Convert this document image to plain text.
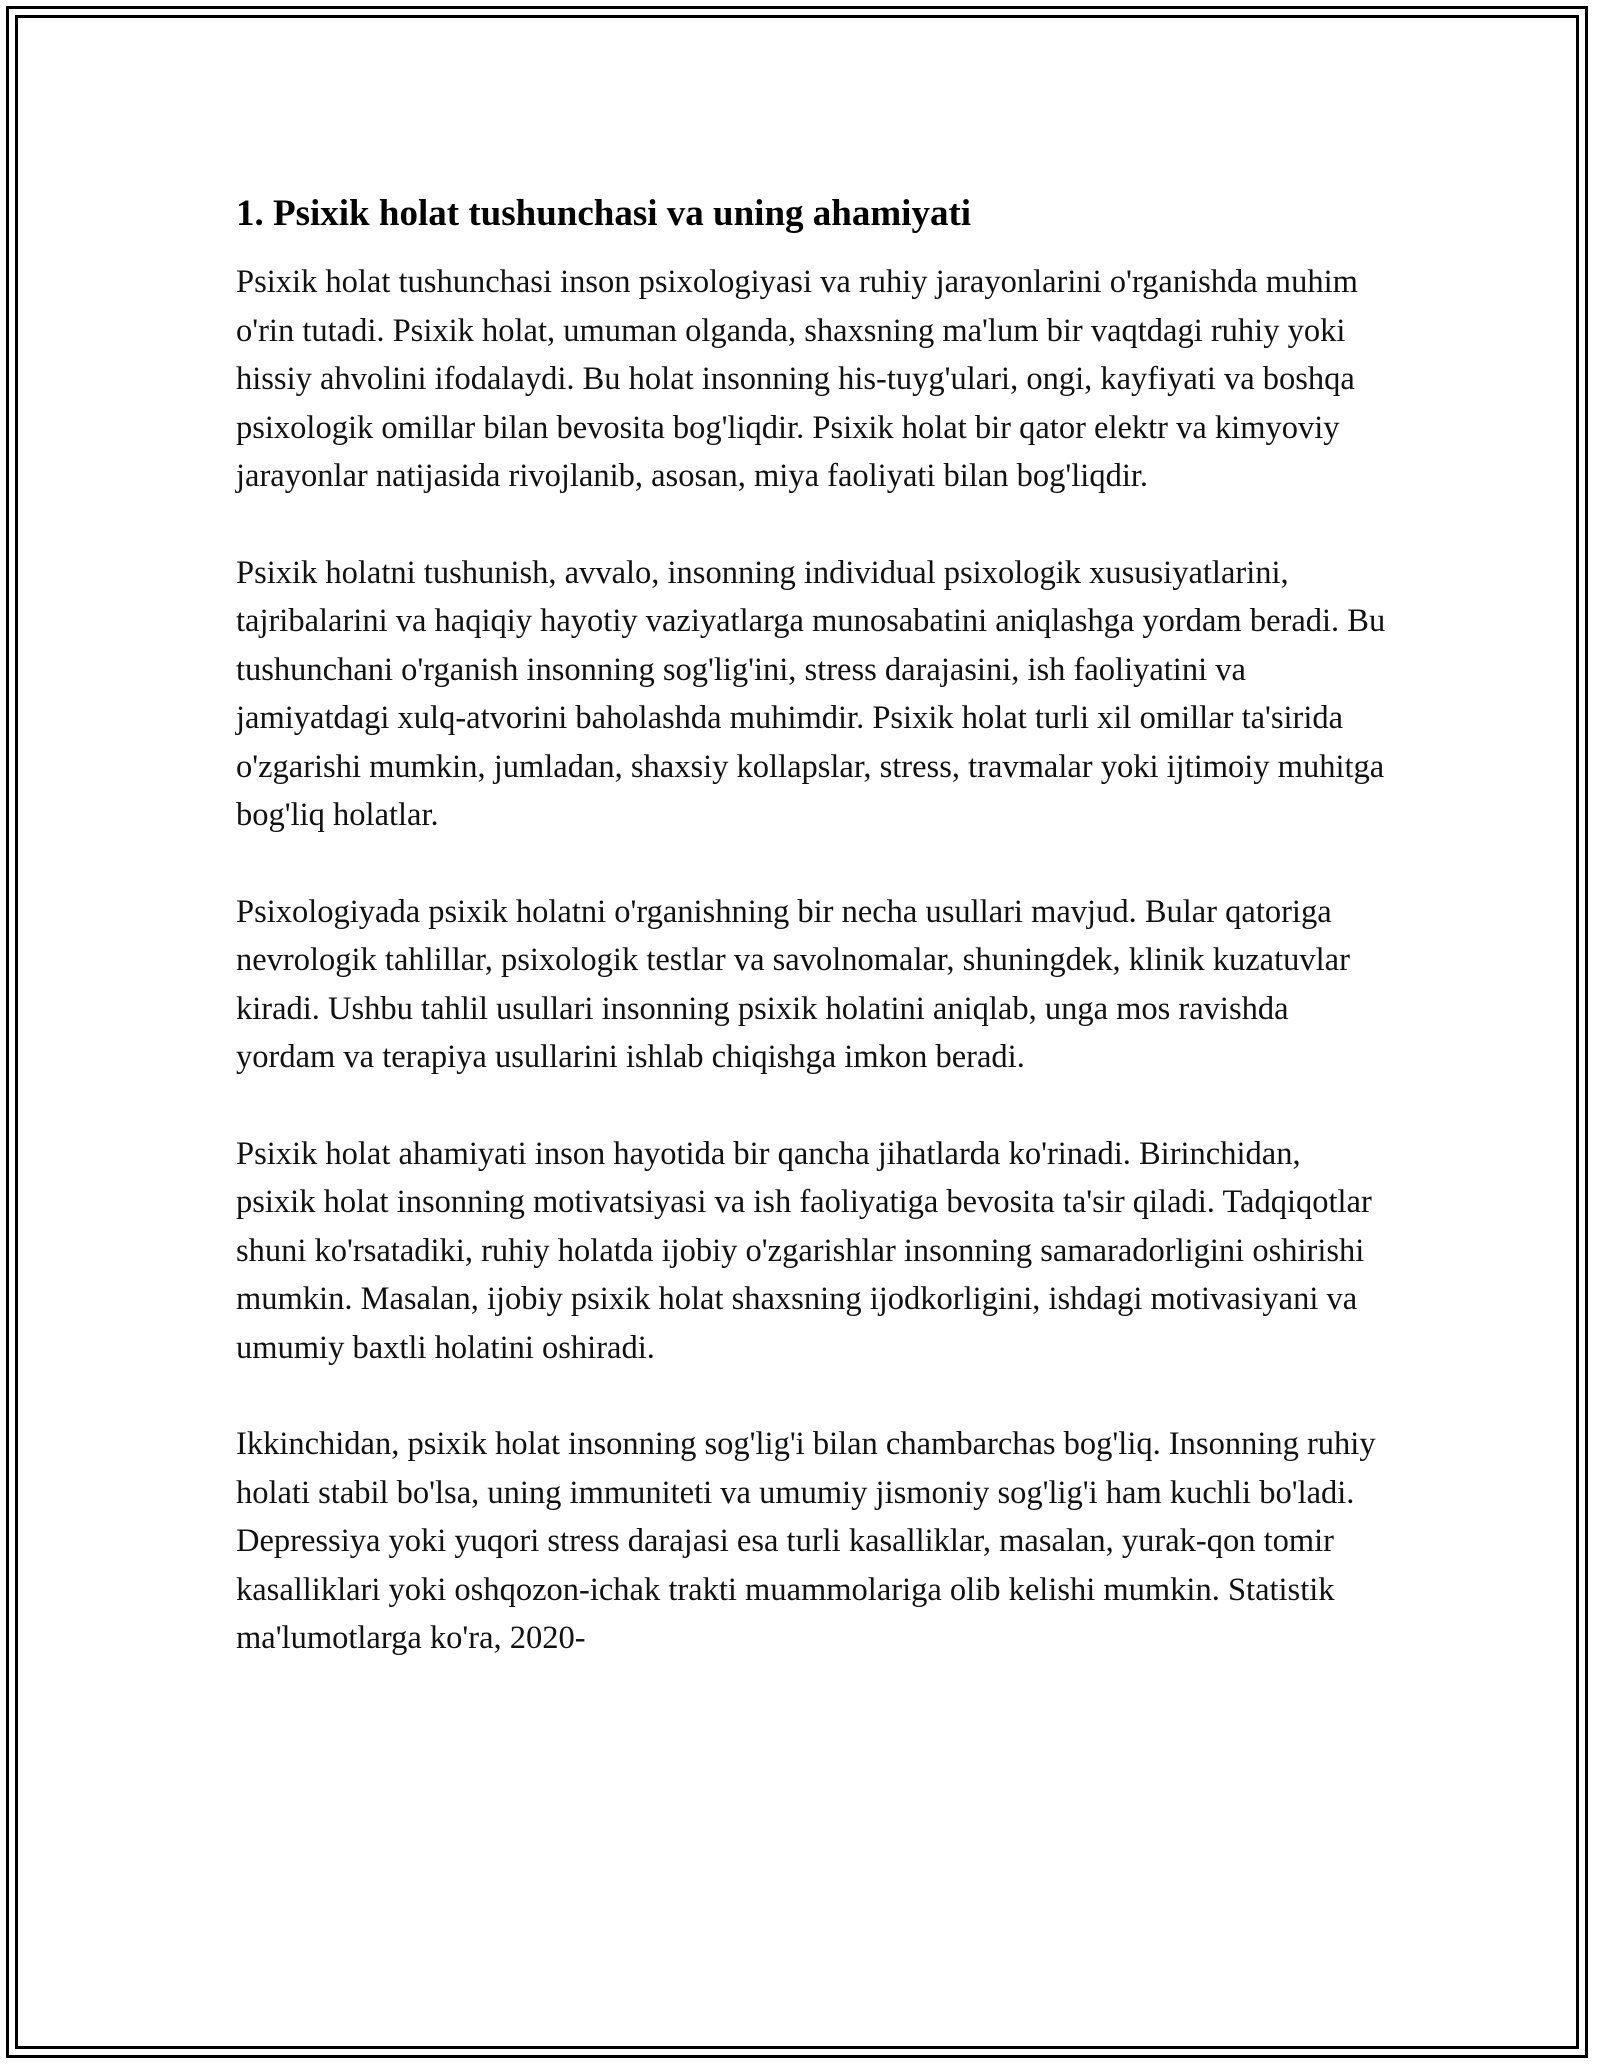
1. Psixik holat tushunchasi va uning ahamiyati

Psixik holat tushunchasi inson psixologiyasi va ruhiy jarayonlarini o'rganishda muhim o'rin tutadi. Psixik holat, umuman olganda, shaxsning ma'lum bir vaqtdagi ruhiy yoki hissiy ahvolini ifodalaydi. Bu holat insonning his-tuyg'ulari, ongi, kayfiyati va boshqa psixologik omillar bilan bevosita bog'liqdir. Psixik holat bir qator elektr va kimyoviy jarayonlar natijasida rivojlanib, asosan, miya faoliyati bilan bog'liqdir.

Psixik holatni tushunish, avvalo, insonning individual psixologik xususiyatlarini, tajribalarini va haqiqiy hayotiy vaziyatlarga munosabatini aniqlashga yordam beradi. Bu tushunchani o'rganish insonning sog'lig'ini, stress darajasini, ish faoliyatini va jamiyatdagi xulq-atvorini baholashda muhimdir. Psixik holat turli xil omillar ta'sirida o'zgarishi mumkin, jumladan, shaxsiy kollapslar, stress, travmalar yoki ijtimoiy muhitga bog'liq holatlar.

Psixologiyada psixik holatni o'rganishning bir necha usullari mavjud. Bular qatoriga nevrologik tahlillar, psixologik testlar va savolnomalar, shuningdek, klinik kuzatuvlar kiradi. Ushbu tahlil usullari insonning psixik holatini aniqlab, unga mos ravishda yordam va terapiya usullarini ishlab chiqishga imkon beradi.

Psixik holat ahamiyati inson hayotida bir qancha jihatlarda ko'rinadi. Birinchidan, psixik holat insonning motivatsiyasi va ish faoliyatiga bevosita ta'sir qiladi. Tadqiqotlar shuni ko'rsatadiki, ruhiy holatda ijobiy o'zgarishlar insonning samaradorligini oshirishi mumkin. Masalan, ijobiy psixik holat shaxsning ijodkorligini, ishdagi motivasiyani va umumiy baxtli holatini oshiradi.

Ikkinchidan, psixik holat insonning sog'lig'i bilan chambarchas bog'liq. Insonning ruhiy holati stabil bo'lsa, uning immuniteti va umumiy jismoniy sog'lig'i ham kuchli bo'ladi. Depressiya yoki yuqori stress darajasi esa turli kasalliklar, masalan, yurak-qon tomir kasalliklari yoki oshqozon-ichak trakti muammolariga olib kelishi mumkin. Statistik ma'lumotlarga ko'ra, 2020-
